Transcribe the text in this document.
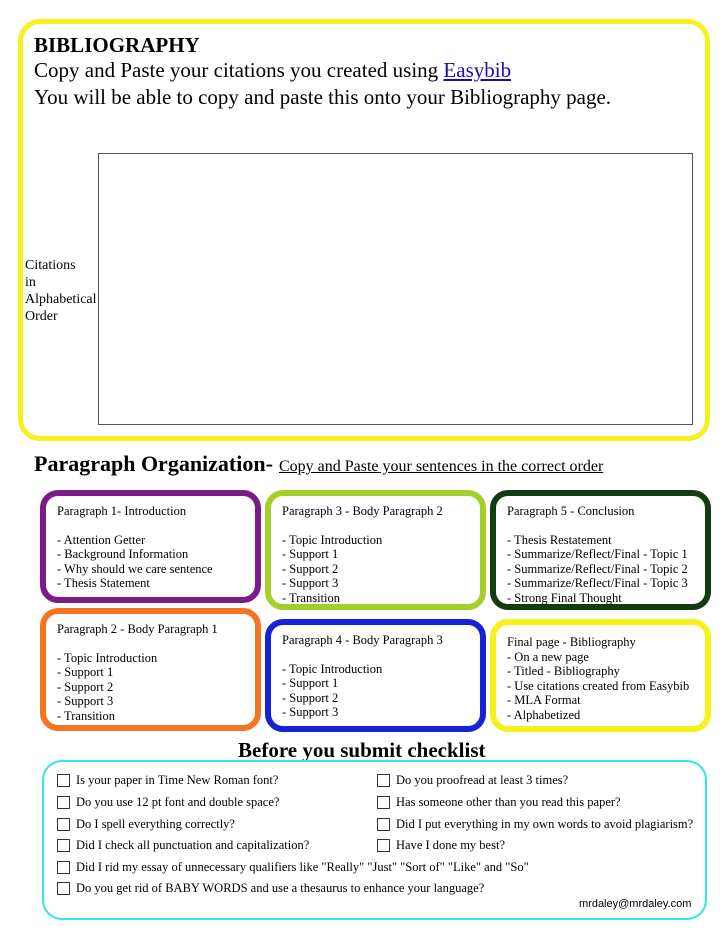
BIBLIOGRAPHY
Copy and Paste your citations you created using Easybib
You will be able to copy and paste this onto your Bibliography page.
Citations
in
Alphabetical
Order
Paragraph Organization- Copy and Paste your sentences in the correct order
Paragraph 1- Introduction
- Attention Getter
- Background Information
- Why should we care sentence
- Thesis Statement
Paragraph 3 - Body Paragraph 2
- Topic Introduction
- Support 1
- Support 2
- Support 3
- Transition
Paragraph 5 - Conclusion
- Thesis Restatement
- Summarize/Reflect/Final - Topic 1
- Summarize/Reflect/Final - Topic 2
- Summarize/Reflect/Final - Topic 3
- Strong Final Thought
Paragraph 2 - Body Paragraph 1
- Topic Introduction
- Support 1
- Support 2
- Support 3
- Transition
Paragraph 4 - Body Paragraph 3
- Topic Introduction
- Support 1
- Support 2
- Support 3
Final page - Bibliography
- On a new page
- Titled - Bibliography
- Use citations created from Easybib
- MLA Format
- Alphabetized
Before you submit checklist
Is your paper in Time New Roman font?	Do you proofread at least 3 times?
Do you use 12 pt font and double space?	Has someone other than you read this paper?
Do I spell everything correctly?	Did I put everything in my own words to avoid plagiarism?
Did I check all punctuation and capitalization?	Have I done my best?
Did I rid my essay of unnecessary qualifiers like "Really" "Just" "Sort of" "Like" and "So"
Do you get rid of BABY WORDS and use a thesaurus to enhance your language?
mrdaley@mrdaley.com
